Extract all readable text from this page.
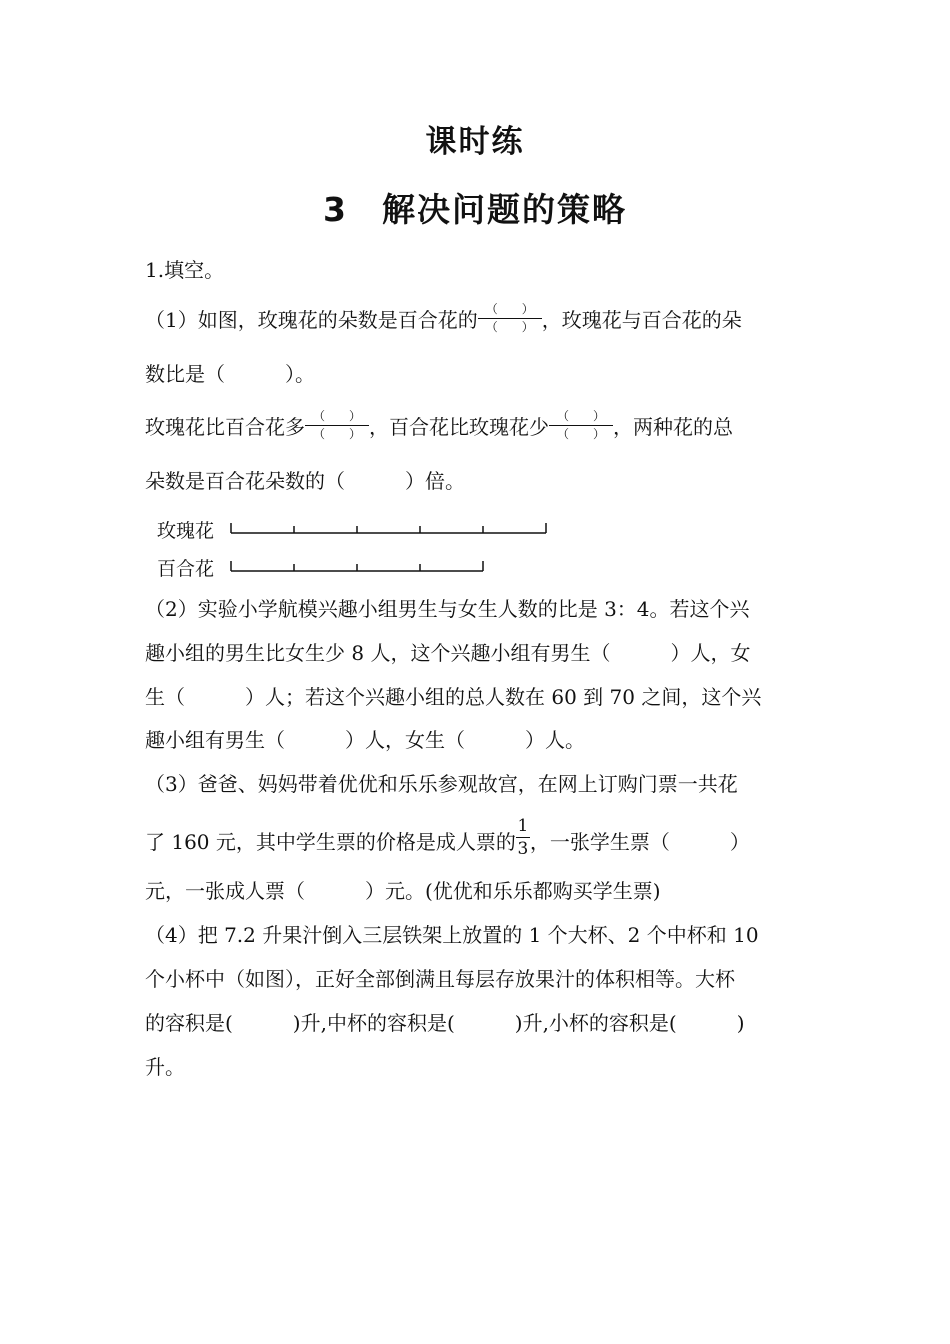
课时练
3 解决问题的策略
1.填空。
（1）如图，玫瑰花的朵数是百合花的 $\frac{( )}{( )}$ ，玫瑰花与百合花的朵
数比是（　　　）。
玫瑰花比百合花多 $\frac{( )}{( )}$ ，百合花比玫瑰花少 $\frac{( )}{( )}$ ，两种花的总
朵数是百合花朵数的（　　　）倍。
玫瑰花
百合花
（2）实验小学航模兴趣小组男生与女生人数的比是 3：4。若这个兴
趣小组的男生比女生少 8 人，这个兴趣小组有男生（　　　）人，女
生（　　　）人；若这个兴趣小组的总人数在 60 到 70 之间，这个兴
趣小组有男生（　　　）人，女生（　　　）人。
（3）爸爸、妈妈带着优优和乐乐参观故宫，在网上订购门票一共花
了 160 元，其中学生票的价格是成人票的 $\frac{1}{3}$ ，一张学生票（　　　）
元，一张成人票（　　　）元。(优优和乐乐都购买学生票)
（4）把 7.2 升果汁倒入三层铁架上放置的 1 个大杯、2 个中杯和 10
个小杯中（如图），正好全部倒满且每层存放果汁的体积相等。大杯
的容积是(　　　)升,中杯的容积是(　　　)升,小杯的容积是(　　　)
升。
